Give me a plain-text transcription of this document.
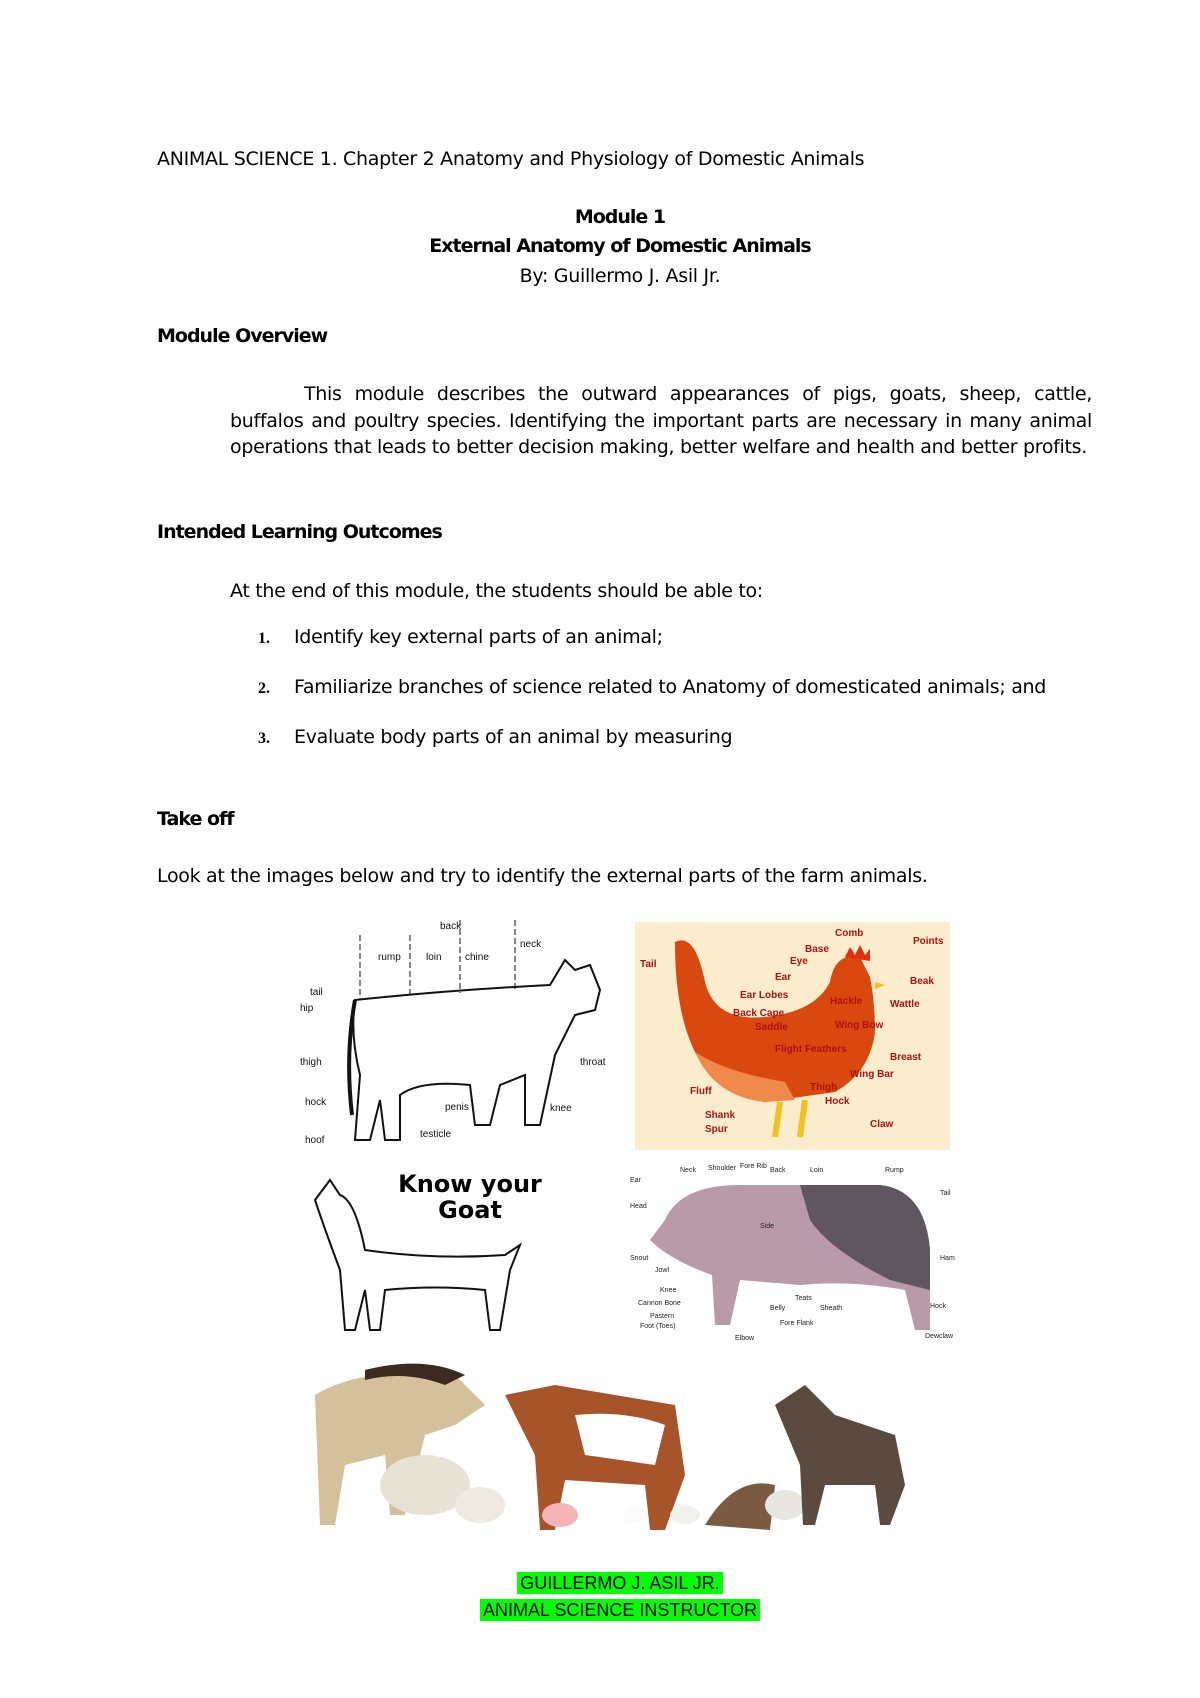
ANIMAL SCIENCE 1. Chapter 2 Anatomy and Physiology of Domestic Animals
Module 1
External Anatomy of Domestic Animals
By: Guillermo J. Asil Jr.
Module Overview
This module describes the outward appearances of pigs, goats, sheep, cattle, buffalos and poultry species. Identifying the important parts are necessary in many animal operations that leads to better decision making, better welfare and health and better profits.
Intended Learning Outcomes
At the end of this module, the students should be able to:
1. Identify key external parts of an animal;
2. Familiarize branches of science related to Anatomy of domesticated animals; and
3. Evaluate body parts of an animal by measuring
Take off
Look at the images below and try to identify the external parts of the farm animals.
back
rump	loin chine
neck
tail
hip
thigh
hock
hoof
testicle
penis
throat
knee
Comb
Points
Base
Eye
Ear	Beak
Ear Lobes
Wattle
Hackle
Back Cape
Saddle	Wing Bow
Breast
Flight Feathers
Wing Bar
Fluff	Thigh
Hock
Shank
Spur	Claw
Tail
Know your
Goat
Neck Shoulder Fore Rib
Back	Loin	Rump
Tail
Ear
Head
Snout
Jowl
Side
Ham
Knee
Cannon Bone
Pastern
Foot (Toes)
Belly
Teats
Sheath
Elbow
Fore Flank
Hock
Dewclaw
GUILLERMO J. ASIL JR.
ANIMAL SCIENCE INSTRUCTOR
